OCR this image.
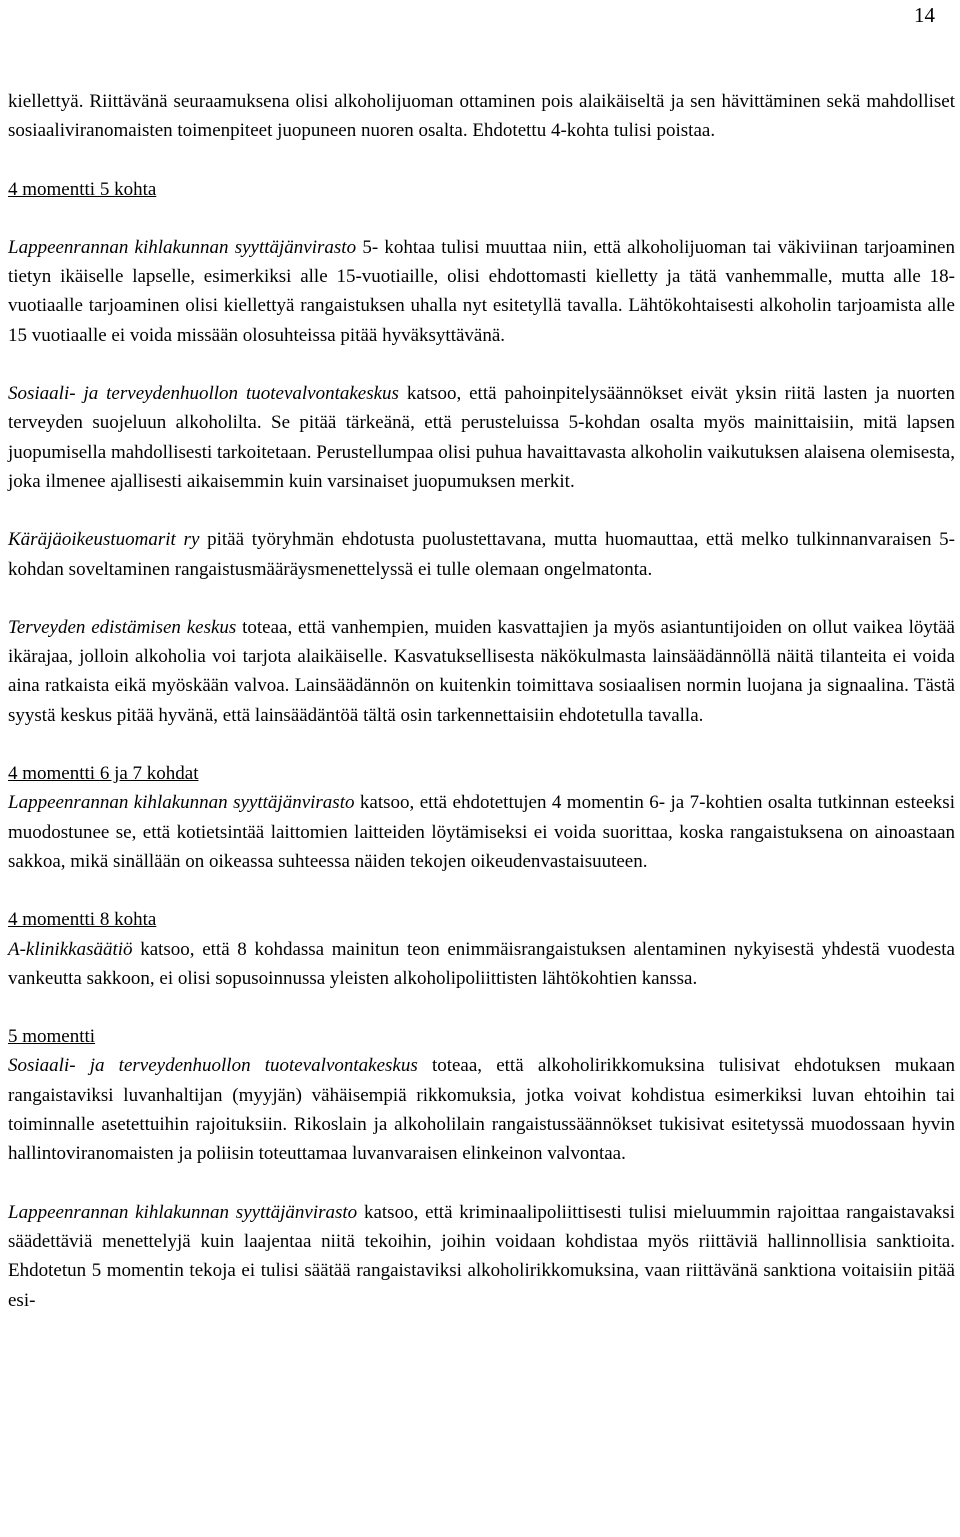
14

kiellettyä. Riittävänä seuraamuksena olisi alkoholijuoman ottaminen pois alaikäiseltä ja sen hävittäminen sekä mahdolliset sosiaaliviranomaisten toimenpiteet juopuneen nuoren osalta. Ehdotettu 4-kohta tulisi poistaa.

4 momentti 5 kohta

Lappeenrannan kihlakunnan syyttäjänvirasto 5- kohtaa tulisi muuttaa niin, että alkoholijuoman tai väkiviinan tarjoaminen tietyn ikäiselle lapselle, esimerkiksi alle 15-vuotiaille, olisi ehdottomasti kielletty ja tätä vanhemmalle, mutta alle 18-vuotiaalle tarjoaminen olisi kiellettyä rangaistuksen uhalla nyt esitetyllä tavalla. Lähtökohtaisesti alkoholin tarjoamista alle 15 vuotiaalle ei voida missään olosuhteissa pitää hyväksyttävänä.

Sosiaali- ja terveydenhuollon tuotevalvontakeskus katsoo, että pahoinpitelysäännökset eivät yksin riitä lasten ja nuorten terveyden suojeluun alkoholilta. Se pitää tärkeänä, että perusteluissa 5-kohdan osalta myös mainittaisiin, mitä lapsen juopumisella mahdollisesti tarkoitetaan. Perustellumpaa olisi puhua havaittavasta alkoholin vaikutuksen alaisena olemisesta, joka ilmenee ajallisesti aikaisemmin kuin varsinaiset juopumuksen merkit.

Käräjäoikeustuomarit ry pitää työryhmän ehdotusta puolustettavana, mutta huomauttaa, että melko tulkinnanvaraisen 5-kohdan soveltaminen rangaistusmääräysmenettelyssä ei tulle olemaan ongelmatonta.

Terveyden edistämisen keskus toteaa, että vanhempien, muiden kasvattajien ja myös asiantuntijoiden on ollut vaikea löytää ikärajaa, jolloin alkoholia voi tarjota alaikäiselle. Kasvatuksellisesta näkökulmasta lainsäädännöllä näitä tilanteita ei voida aina ratkaista eikä myöskään valvoa. Lainsäädännön on kuitenkin toimittava sosiaalisen normin luojana ja signaalina. Tästä syystä keskus pitää hyvänä, että lainsäädäntöä tältä osin tarkennettaisiin ehdotetulla tavalla.

4 momentti 6 ja 7 kohdat

Lappeenrannan kihlakunnan syyttäjänvirasto katsoo, että ehdotettujen 4 momentin 6- ja 7-kohtien osalta tutkinnan esteeksi muodostunee se, että kotietsintää laittomien laitteiden löytämiseksi ei voida suorittaa, koska rangaistuksena on ainoastaan sakkoa, mikä sinällään on oikeassa suhteessa näiden tekojen oikeudenvastaisuuteen.

4 momentti 8 kohta

A-klinikkasäätiö katsoo, että 8 kohdassa mainitun teon enimmäisrangaistuksen alentaminen nykyisestä yhdestä vuodesta vankeutta sakkoon, ei olisi sopusoinnussa yleisten alkoholipoliittisten lähtökohtien kanssa.

5 momentti

Sosiaali- ja terveydenhuollon tuotevalvontakeskus toteaa, että alkoholirikkomuksina tulisivat ehdotuksen mukaan rangaistaviksi luvanhaltijan (myyjän) vähäisempiä rikkomuksia, jotka voivat kohdistua esimerkiksi luvan ehtoihin tai toiminnalle asetettuihin rajoituksiin. Rikoslain ja alkoholilain rangaistussäännökset tukisivat esitetyssä muodossaan hyvin hallintoviranomaisten ja poliisin toteuttamaa luvanvaraisen elinkeinon valvontaa.

Lappeenrannan kihlakunnan syyttäjänvirasto katsoo, että kriminaalipoliittisesti tulisi mieluummin rajoittaa rangaistavaksi säädettäviä menettelyjä kuin laajentaa niitä tekoihin, joihin voidaan kohdistaa myös riittäviä hallinnollisia sanktioita. Ehdotetun 5 momentin tekoja ei tulisi säätää rangaistaviksi alkoholirikkomuksina, vaan riittävänä sanktiona voitaisiin pitää esi-
